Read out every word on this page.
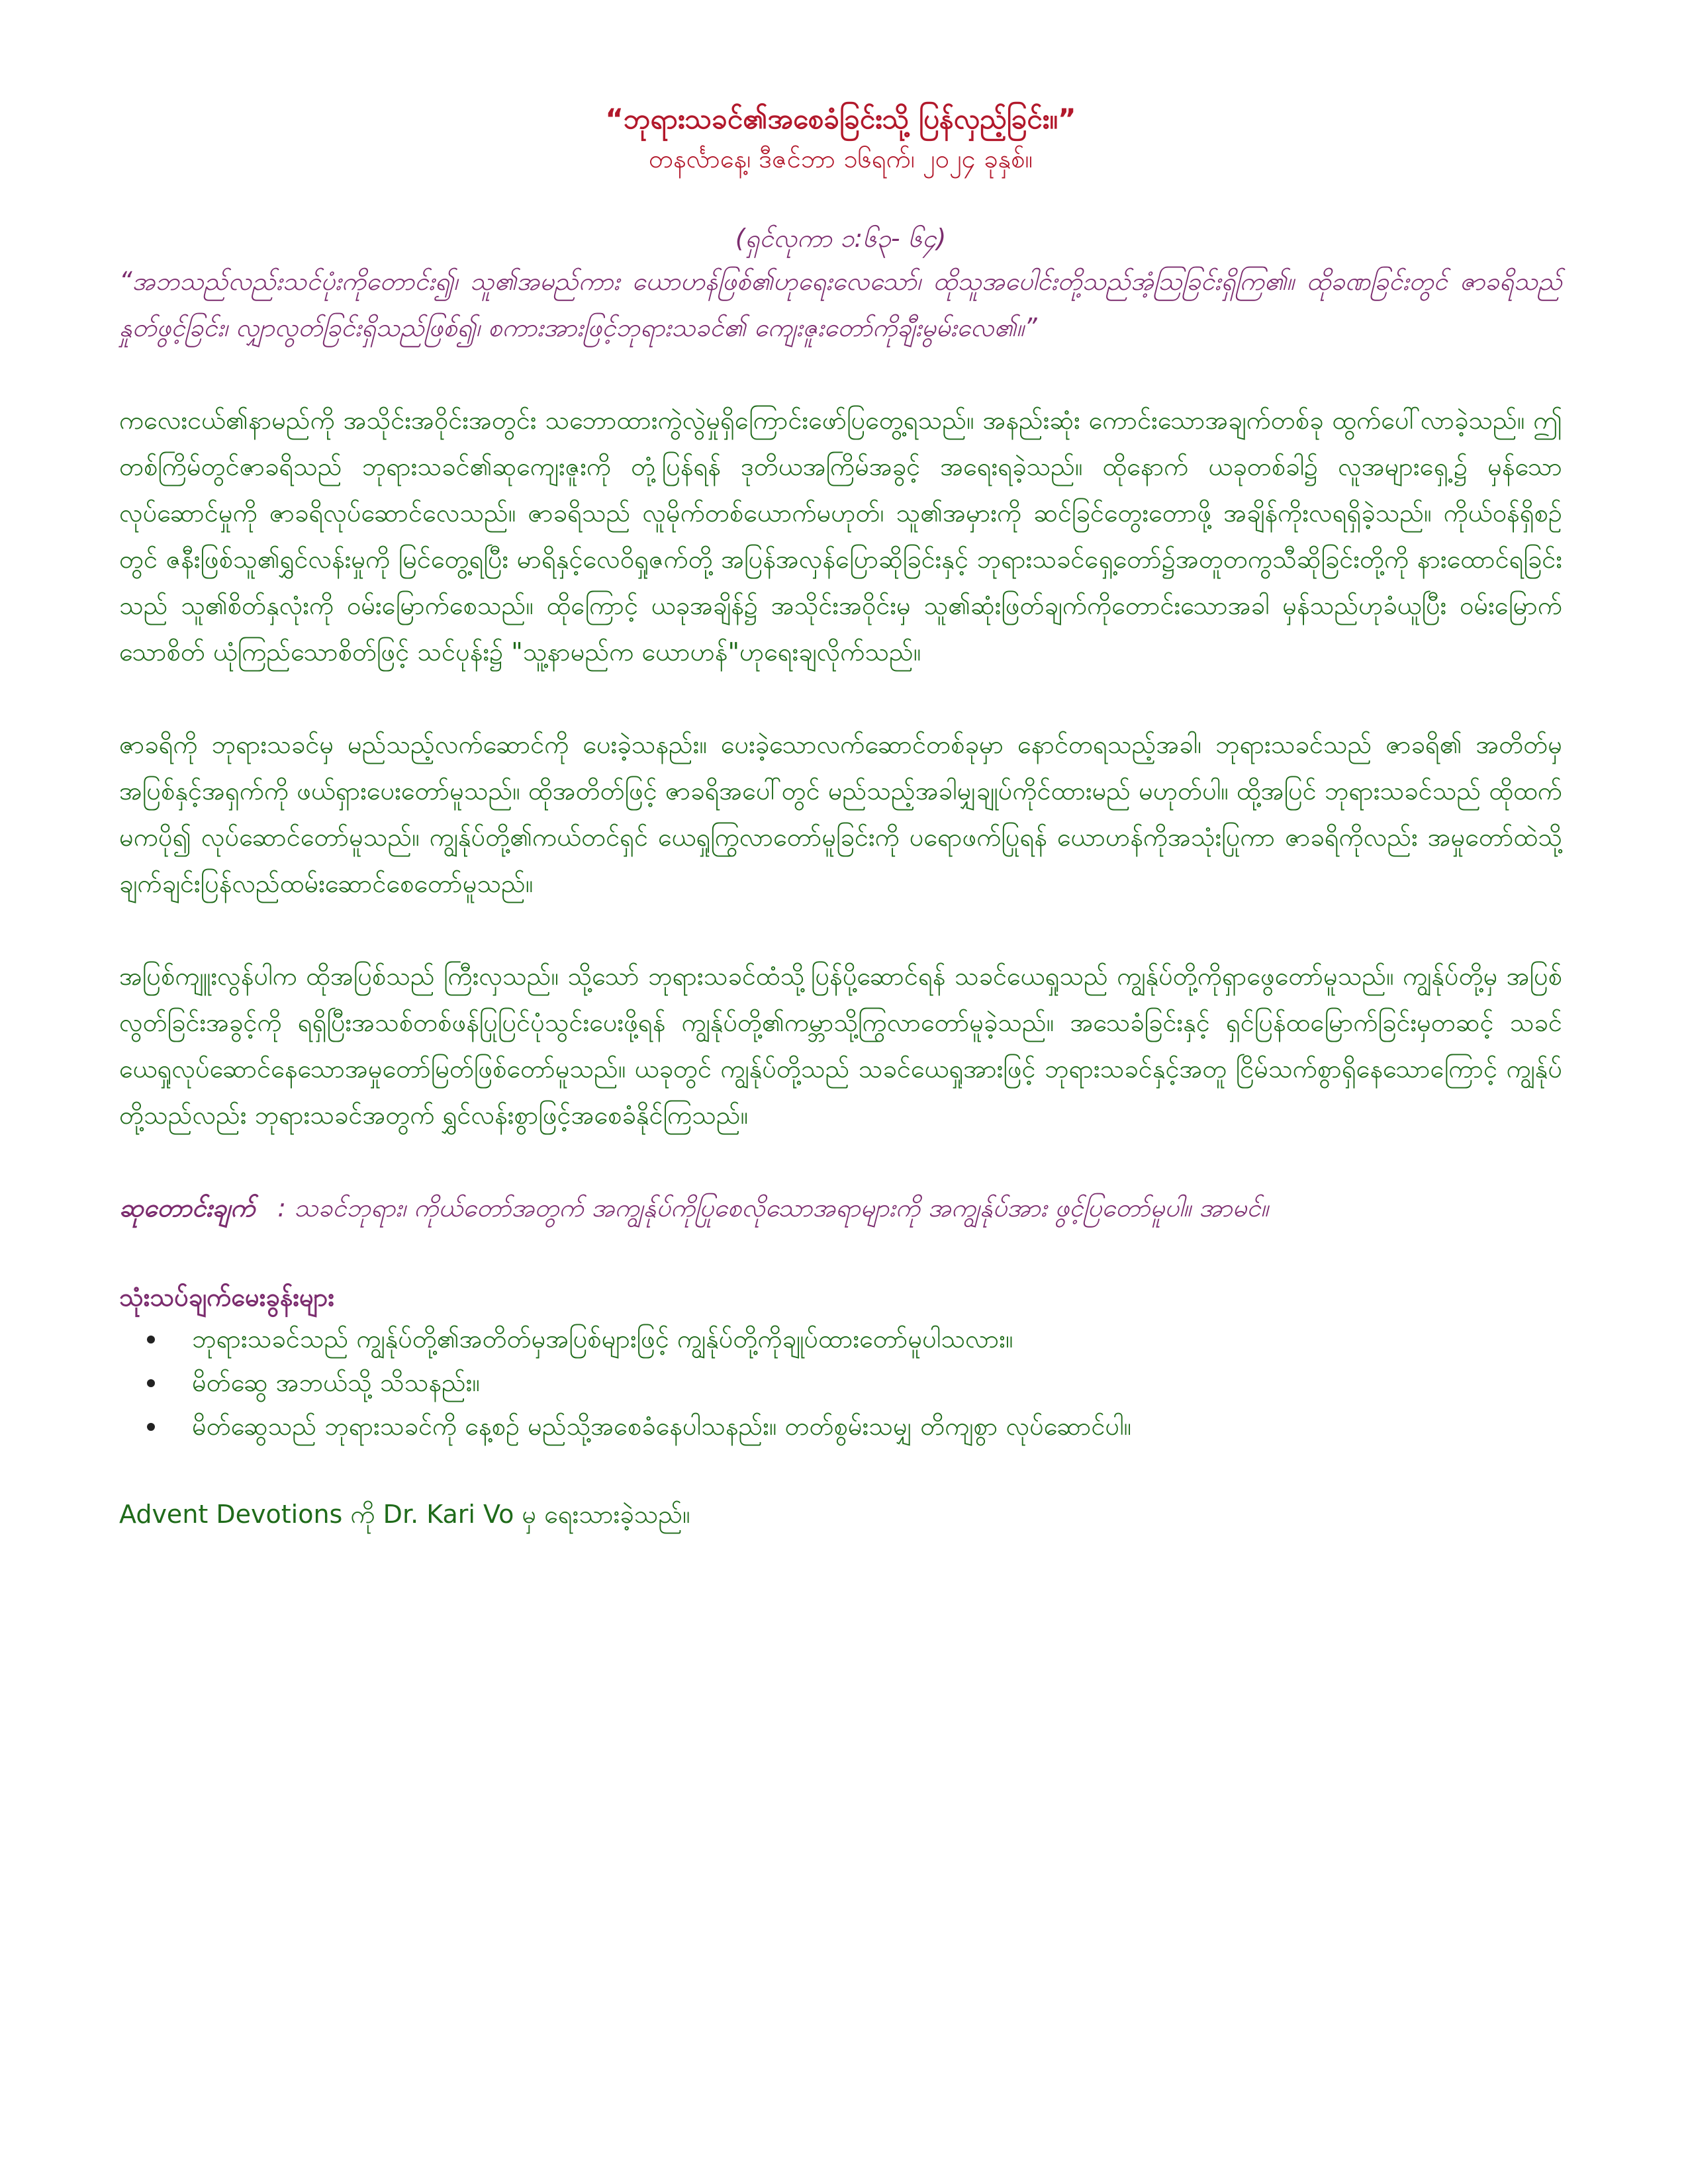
“ဘုရားသခင်၏အစေခံခြင်းသို့ ပြန်လှည့်ခြင်း။”

တနင်္လာနေ့၊ ဒီဇင်ဘာ ၁၆ရက်၊ ၂၀၂၄ ခုနှစ်။

(ရှင်လုကာ ၁:၆၃- ၆၄)

“အဘသည်လည်းသင်ပုံးကိုတောင်း၍၊ သူ၏အမည်ကား ယောဟန်ဖြစ်၏ဟုရေးလေသော်၊ ထိုသူအပေါင်းတို့သည်အံ့ဩခြင်းရှိကြ၏။ ထိုခဏခြင်းတွင် ဇာခရိသည်နှုတ်ဖွင့်ခြင်း၊ လျှာလွတ်ခြင်းရှိသည်ဖြစ်၍၊ စကားအားဖြင့်ဘုရားသခင်၏ ကျေးဇူးတော်ကိုချီးမွမ်းလေ၏။”

ကလေးငယ်၏နာမည်ကို အသိုင်းအဝိုင်းအတွင်း သဘောထားကွဲလွဲမှုရှိကြောင်းဖော်ပြတွေ့ရသည်။ အနည်းဆုံး ကောင်းသောအချက်တစ်ခု ထွက်ပေါ်လာခဲ့သည်။ ဤတစ်ကြိမ်တွင်ဇာခရိသည် ဘုရားသခင်၏ဆုကျေးဇူးကို တုံ့ပြန်ရန် ဒုတိယအကြိမ်အခွင့် အရေးရခဲ့သည်။ ထိုနောက် ယခုတစ်ခါ၌ လူအများရှေ့၌ မှန်သောလုပ်ဆောင်မှုကို ဇာခရိလုပ်ဆောင်လေသည်။ ဇာခရိသည် လူမိုက်တစ်ယောက်မဟုတ်၊ သူ၏အမှားကို ဆင်ခြင်တွေးတောဖို့ အချိန်ကိုးလရရှိခဲ့သည်။ ကိုယ်ဝန်ရှိစဉ်တွင် ဇနီးဖြစ်သူ၏ရွှင်လန်းမှုကို မြင်တွေ့ရပြီး မာရိနှင့်လေဝိရှုဇက်တို့ အပြန်အလှန်ပြောဆိုခြင်းနှင့် ဘုရားသခင်ရှေ့တော်၌အတူတကွသီဆိုခြင်းတို့ကို နားထောင်ရခြင်းသည် သူ၏စိတ်နှလုံးကို ဝမ်းမြောက်စေသည်။ ထိုကြောင့် ယခုအချိန်၌ အသိုင်းအဝိုင်းမှ သူ၏ဆုံးဖြတ်ချက်ကိုတောင်းသောအခါ မှန်သည်ဟုခံယူပြီး ဝမ်းမြောက်သောစိတ် ယုံကြည်သောစိတ်ဖြင့် သင်ပုန်း၌ "သူ့နာမည်က ယောဟန်"ဟုရေးချလိုက်သည်။

ဇာခရိကို ဘုရားသခင်မှ မည်သည့်လက်ဆောင်ကို ပေးခဲ့သနည်း။ ပေးခဲ့သောလက်ဆောင်တစ်ခုမှာ နောင်တရသည့်အခါ၊ ဘုရားသခင်သည် ဇာခရိ၏ အတိတ်မှအပြစ်နှင့်အရှက်ကို ဖယ်ရှားပေးတော်မူသည်။ ထိုအတိတ်ဖြင့် ဇာခရိအပေါ်တွင် မည်သည့်အခါမျှချုပ်ကိုင်ထားမည် မဟုတ်ပါ။ ထို့အပြင် ဘုရားသခင်သည် ထိုထက်မကပို၍ လုပ်ဆောင်တော်မူသည်။ ကျွန်ုပ်တို့၏ကယ်တင်ရှင် ယေရှုကြွလာတော်မူခြင်းကို ပရောဖက်ပြုရန် ယောဟန်ကိုအသုံးပြုကာ ဇာခရိကိုလည်း အမှုတော်ထဲသို့ ချက်ချင်းပြန်လည်ထမ်းဆောင်စေတော်မူသည်။

အပြစ်ကျူးလွန်ပါက ထိုအပြစ်သည် ကြီးလှသည်။ သို့သော် ဘုရားသခင်ထံသို့ပြန်ပို့ဆောင်ရန် သခင်ယေရှုသည် ကျွန်ုပ်တို့ကိုရှာဖွေတော်မူသည်။ ကျွန်ုပ်တို့မှ အပြစ်လွတ်ခြင်းအခွင့်ကို ရရှိပြီးအသစ်တစ်ဖန်ပြုပြင်ပုံသွင်းပေးဖို့ရန် ကျွန်ုပ်တို့၏ကမ္ဘာသို့ကြွလာတော်မူခဲ့သည်။ အသေခံခြင်းနှင့် ရှင်ပြန်ထမြောက်ခြင်းမှတဆင့် သခင်ယေရှုလုပ်ဆောင်နေသောအမှုတော်မြတ်ဖြစ်တော်မူသည်။ ယခုတွင် ကျွန်ုပ်တို့သည် သခင်ယေရှုအားဖြင့် ဘုရားသခင်နှင့်အတူ ငြိမ်သက်စွာရှိနေသောကြောင့် ကျွန်ုပ်တို့သည်လည်း ဘုရားသခင်အတွက် ရွှင်လန်းစွာဖြင့်အစေခံနိုင်ကြသည်။

ဆုတောင်းချက် : သခင်ဘုရား၊ ကိုယ်တော်အတွက် အကျွန်ုပ်ကိုပြုစေလိုသောအရာများကို အကျွန်ုပ်အား ဖွင့်ပြတော်မူပါ။ အာမင်။

သုံးသပ်ချက်မေးခွန်းများ

ဘုရားသခင်သည် ကျွန်ုပ်တို့၏အတိတ်မှအပြစ်များဖြင့် ကျွန်ုပ်တို့ကိုချုပ်ထားတော်မူပါသလား။
မိတ်ဆွေ အဘယ်သို့ သိသနည်း။
မိတ်ဆွေသည် ဘုရားသခင်ကို နေ့စဉ် မည်သို့အစေခံနေပါသနည်း။ တတ်စွမ်းသမျှ တိကျစွာ လုပ်ဆောင်ပါ။

Advent Devotions ကို Dr. Kari Vo မှ ရေးသားခဲ့သည်။
